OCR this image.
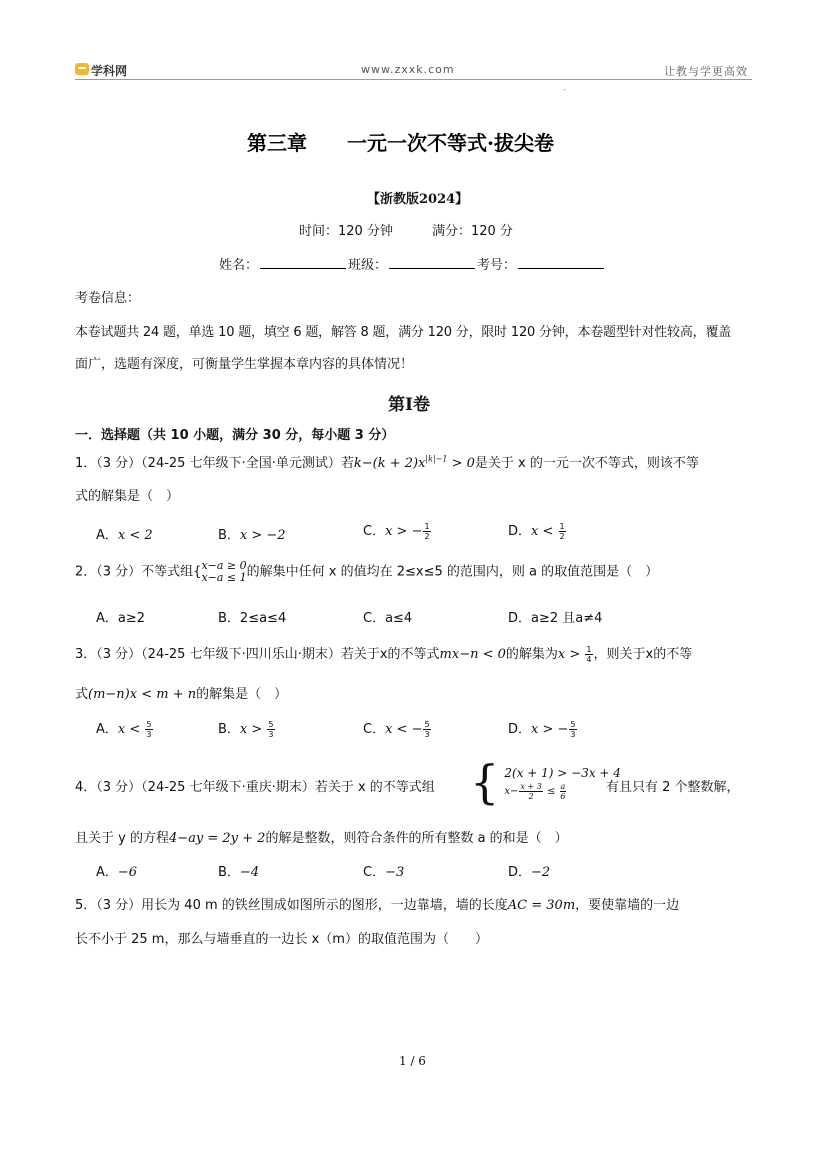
学科网	www.zxxk.com	让教与学更高效
-
第三章　　一元一次不等式·拔尖卷
【浙教版2024】
时间：120 分钟　　　满分：120 分
姓名：	班级：	考号：
考卷信息：
本卷试题共 24 题，单选 10 题，填空 6 题，解答 8 题，满分 120 分，限时 120 分钟，本卷题型针对性较高，覆盖
面广，选题有深度，可衡量学生掌握本章内容的具体情况！
第Ⅰ卷
一．选择题（共 10 小题，满分 30 分，每小题 3 分）
1．（3 分）（24-25 七年级下·全国·单元测试）若$k-(k + 2)x^{|k|-1} > 0$是关于 x 的一元一次不等式，则该不等
式的解集是（　）
A．x < 2	B．x > −2	C．x > − $\frac{1}{2}$	D．$x < \frac{1}{2}$
2．（3 分）不等式组{ x−a ≥ 0
x−a ≤ 1 的解集中任何 x 的值均在 2≤x≤5 的范围内，则 a 的取值范围是（　）
A．a≥2	B．2≤a≤4	C．a≤4	D．a≥2 且a≠4
3．（3 分）（24-25 七年级下·四川乐山·期末）若关于x的不等式mx−n < 0的解集为$x > \frac{1}{4}$ ，则关于x的不等
式(m−n)x < m + n的解集是（　）
A．$x < \frac{5}{3}$	B．$x > \frac{5}{3}$	C．x < − $\frac{5}{3}$	D．x > − $\frac{5}{3}$
4．（3 分）（24-25 七年级下·重庆·期末）若关于 x 的不等式组 { 2(x + 1) > −3x + 4
$x- \frac{x + 3}{2} \le \frac{a}{6}$	有且只有 2 个整数解，
且关于 y 的方程4−ay = 2y + 2的解是整数，则符合条件的所有整数 a 的和是（　）
A．−6	B．−4	C．−3	D．−2
5．（3 分）用长为 40 m 的铁丝围成如图所示的图形，一边靠墙，墙的长度AC = 30m，要使靠墙的一边
长不小于 25 m，那么与墙垂直的一边长 x（m）的取值范围为（　　）
1 / 6
